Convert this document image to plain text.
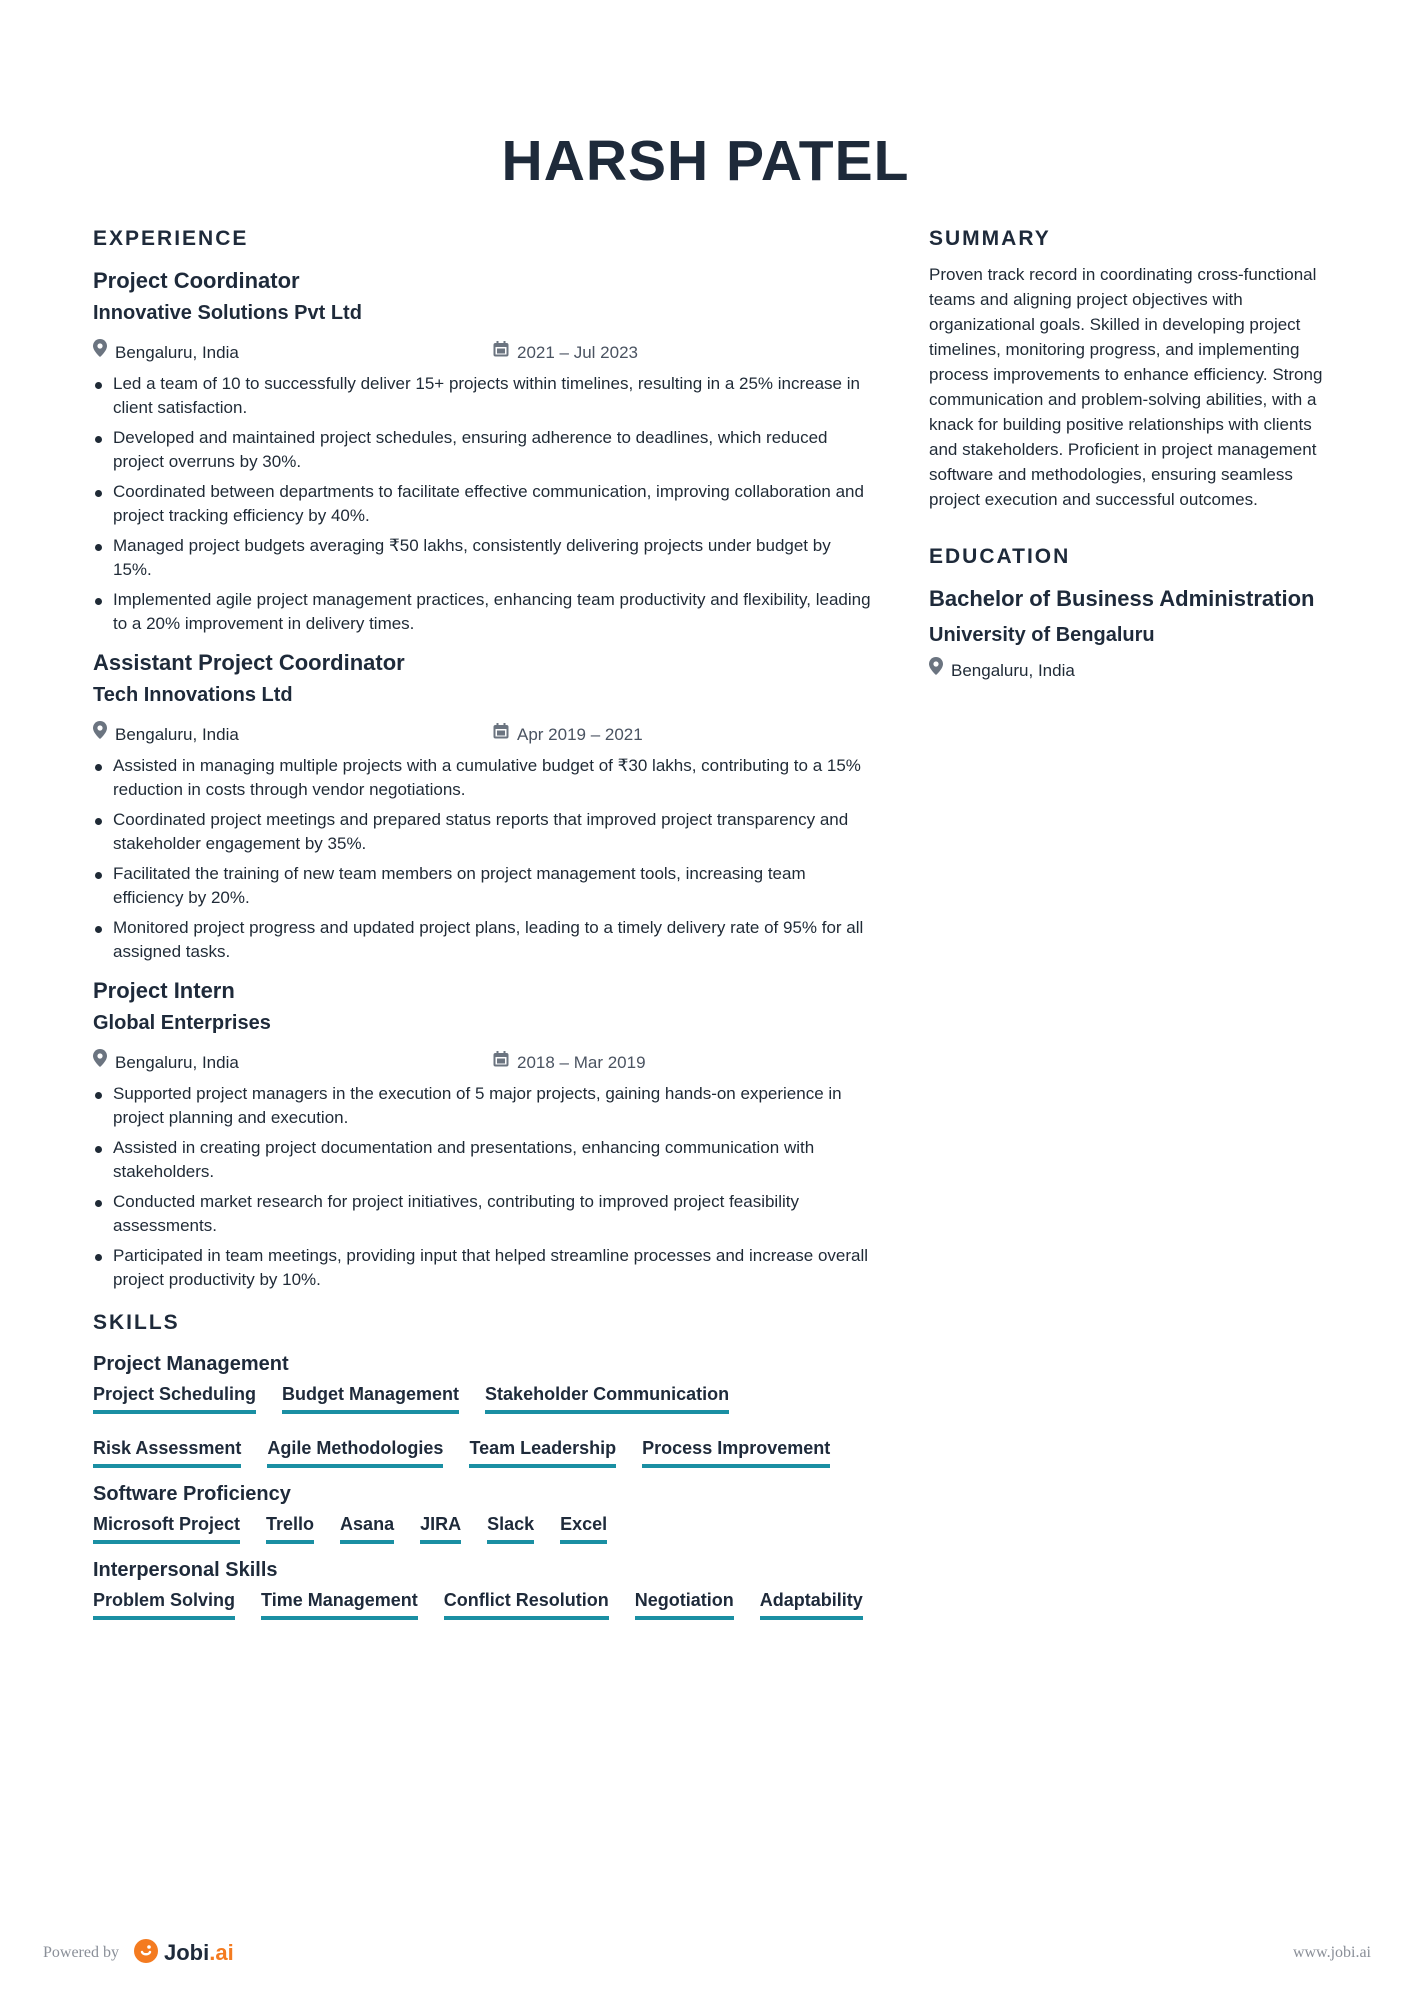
HARSH PATEL
EXPERIENCE
Project Coordinator
Innovative Solutions Pvt Ltd
Bengaluru, India	2021 – Jul 2023
Led a team of 10 to successfully deliver 15+ projects within timelines, resulting in a 25% increase in client satisfaction.
Developed and maintained project schedules, ensuring adherence to deadlines, which reduced project overruns by 30%.
Coordinated between departments to facilitate effective communication, improving collaboration and project tracking efficiency by 40%.
Managed project budgets averaging ₹50 lakhs, consistently delivering projects under budget by 15%.
Implemented agile project management practices, enhancing team productivity and flexibility, leading to a 20% improvement in delivery times.
Assistant Project Coordinator
Tech Innovations Ltd
Bengaluru, India	Apr 2019 – 2021
Assisted in managing multiple projects with a cumulative budget of ₹30 lakhs, contributing to a 15% reduction in costs through vendor negotiations.
Coordinated project meetings and prepared status reports that improved project transparency and stakeholder engagement by 35%.
Facilitated the training of new team members on project management tools, increasing team efficiency by 20%.
Monitored project progress and updated project plans, leading to a timely delivery rate of 95% for all assigned tasks.
Project Intern
Global Enterprises
Bengaluru, India	2018 – Mar 2019
Supported project managers in the execution of 5 major projects, gaining hands-on experience in project planning and execution.
Assisted in creating project documentation and presentations, enhancing communication with stakeholders.
Conducted market research for project initiatives, contributing to improved project feasibility assessments.
Participated in team meetings, providing input that helped streamline processes and increase overall project productivity by 10%.
SKILLS
Project Management
Project Scheduling Budget Management Stakeholder Communication
Risk Assessment Agile Methodologies Team Leadership Process Improvement
Software Proficiency
Microsoft Project Trello Asana JIRA Slack Excel
Interpersonal Skills
Problem Solving Time Management Conflict Resolution Negotiation Adaptability
SUMMARY
Proven track record in coordinating cross-functional teams and aligning project objectives with organizational goals. Skilled in developing project timelines, monitoring progress, and implementing process improvements to enhance efficiency. Strong communication and problem-solving abilities, with a knack for building positive relationships with clients and stakeholders. Proficient in project management software and methodologies, ensuring seamless project execution and successful outcomes.
EDUCATION
Bachelor of Business Administration
University of Bengaluru
Bengaluru, India
Powered by Jobi.ai	www.jobi.ai
